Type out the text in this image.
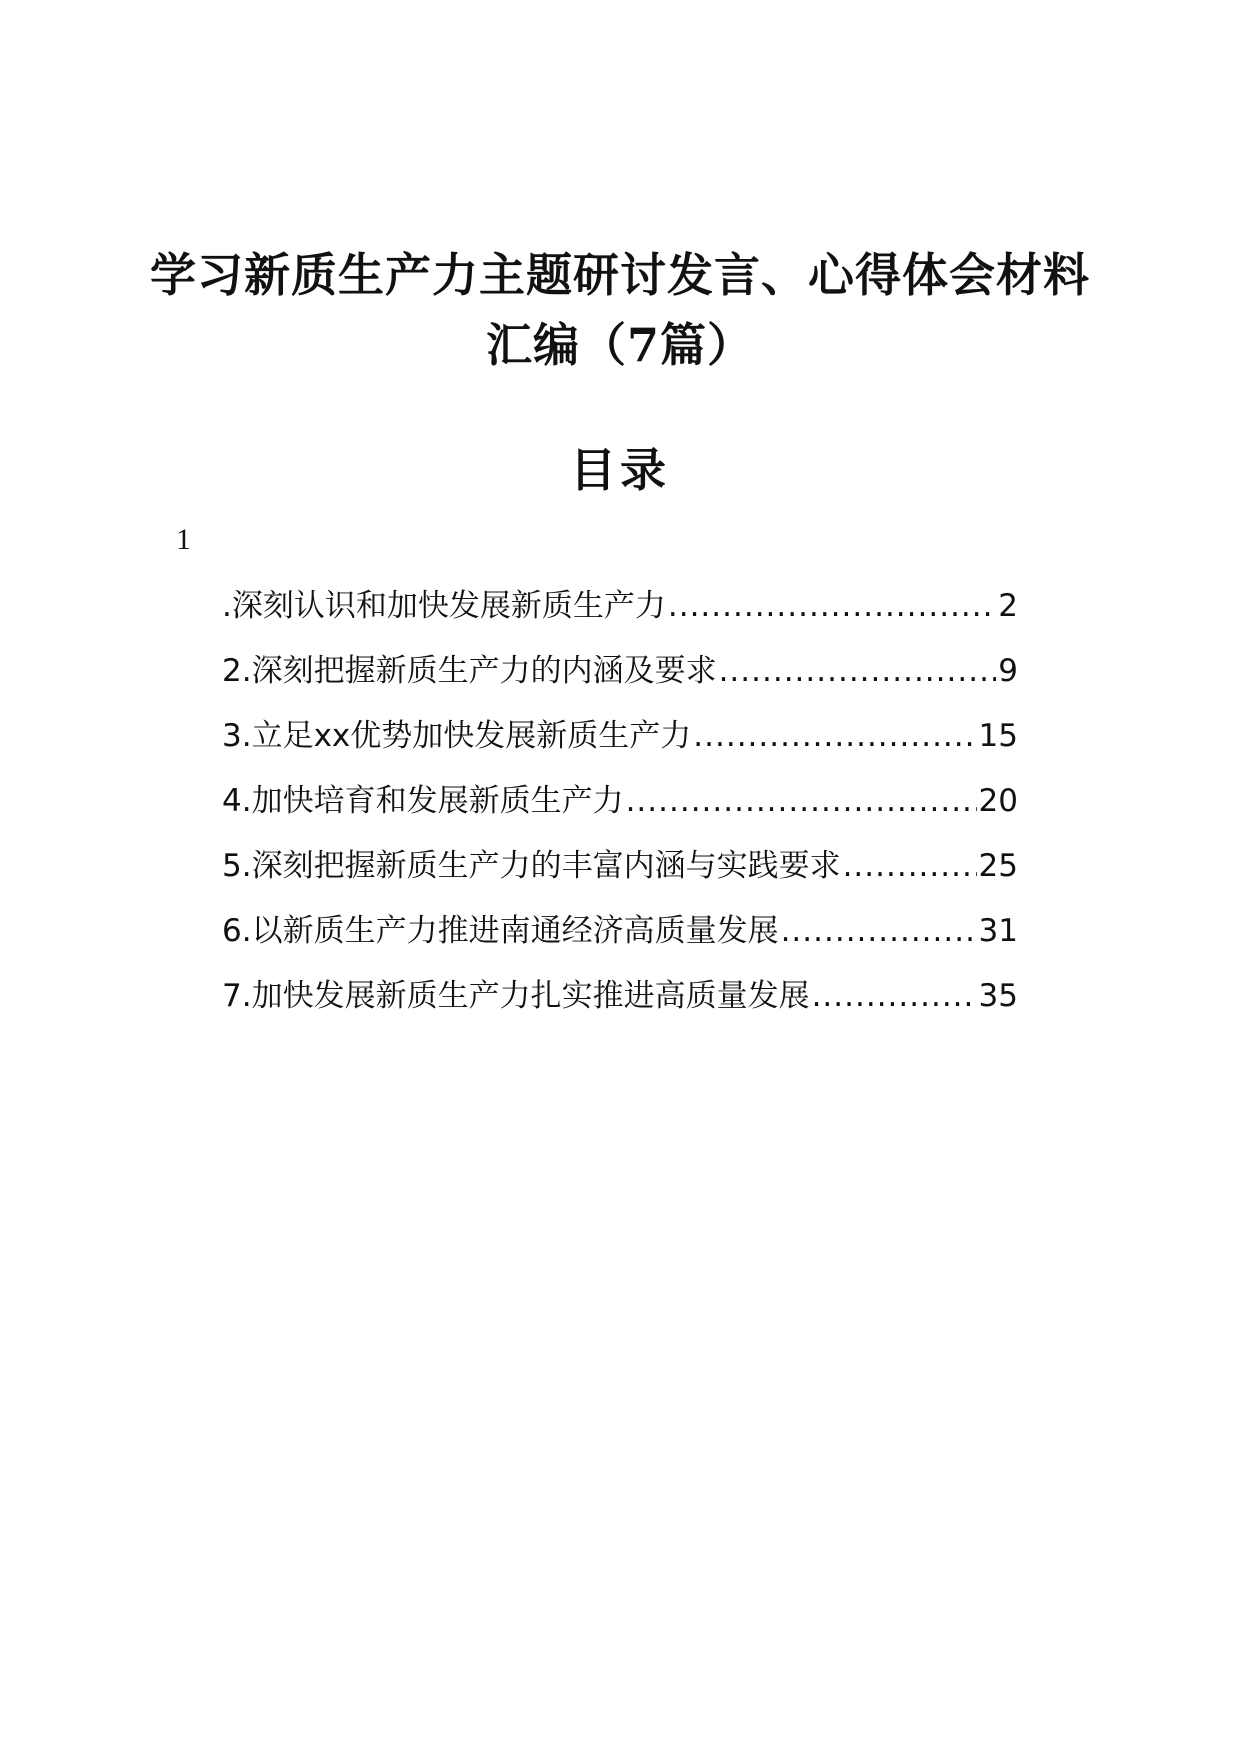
学习新质生产力主题研讨发言、心得体会材料
汇编（7篇）
目录
1
.深刻认识和加快发展新质生产力 .....	2
2.深刻把握新质生产力的内涵及要求 .....	9
3.立足xx优势加快发展新质生产力 .....	15
4.加快培育和发展新质生产力 .....	20
5.深刻把握新质生产力的丰富内涵与实践要求 .....	25
6.以新质生产力推进南通经济高质量发展 .....	31
7.加快发展新质生产力扎实推进高质量发展 .....	35
